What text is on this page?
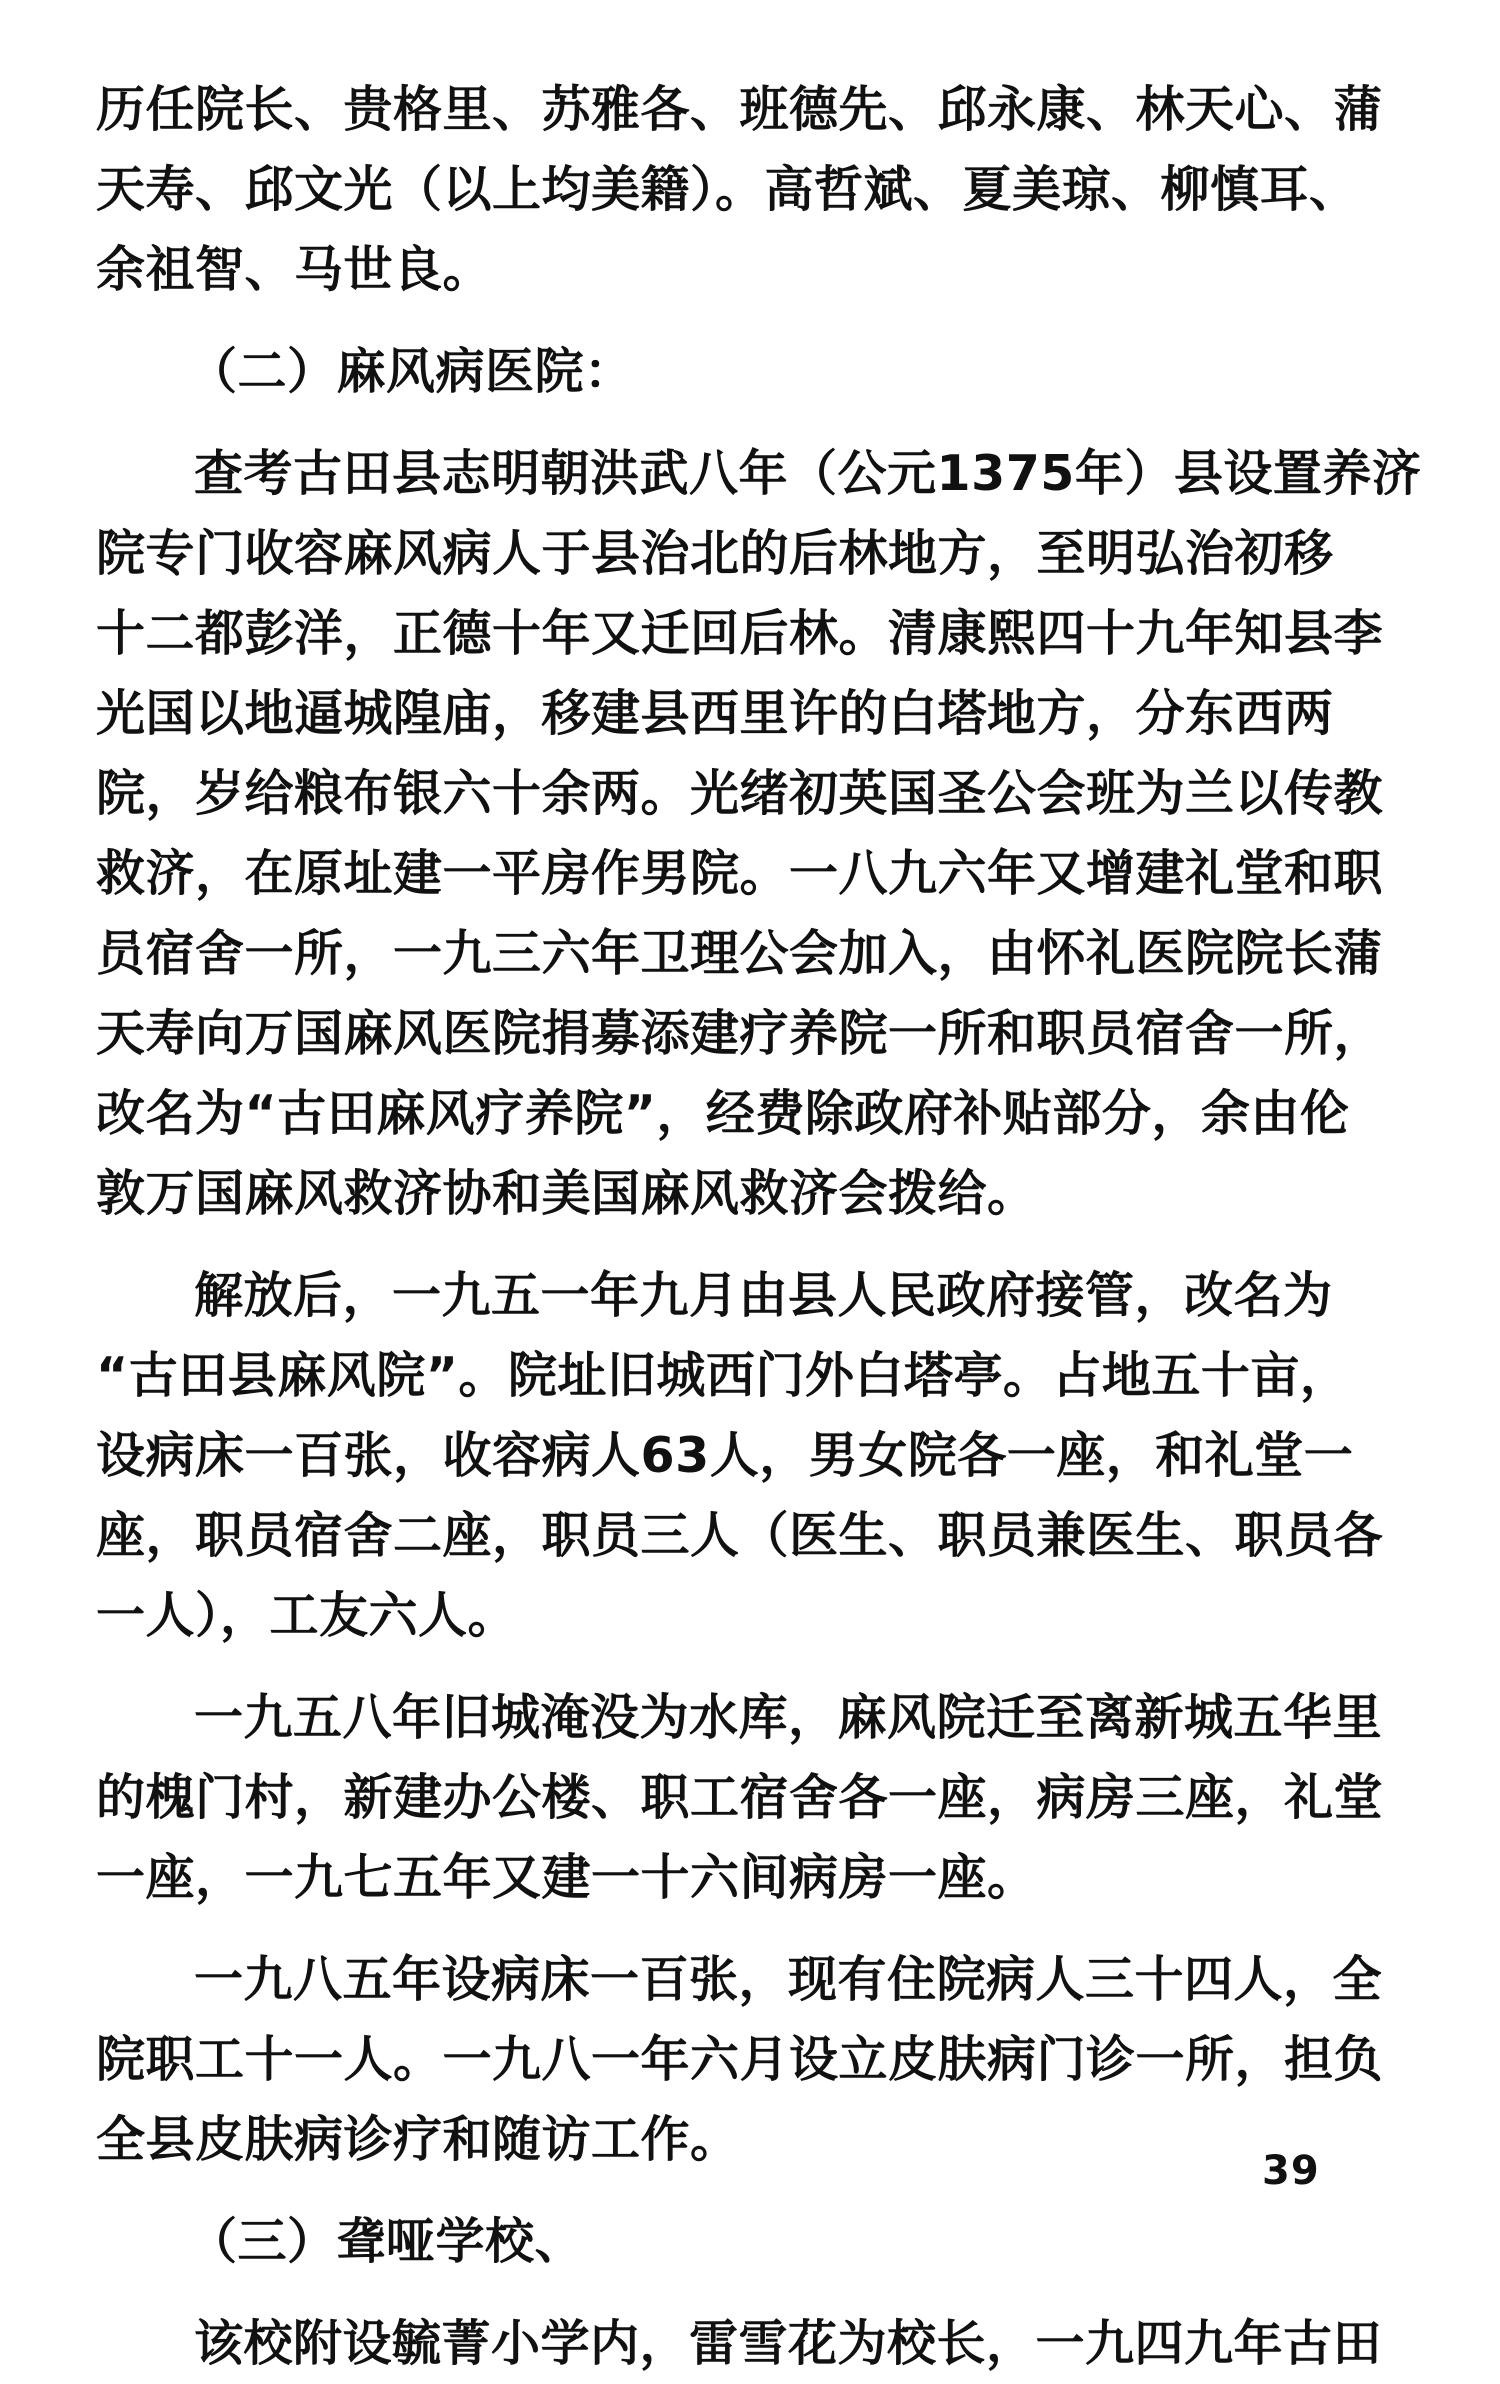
历任院长、贵格里、苏雅各、班德先、邱永康、林天心、蒲
天寿、邱文光（以上均美籍）。高哲斌、夏美琼、柳慎耳、
余祖智、马世良。
（二）麻风病医院：
查考古田县志明朝洪武八年（公元1375年）县设置养济
院专门收容麻风病人于县治北的后林地方，至明弘治初移
十二都彭洋，正德十年又迁回后林。清康熙四十九年知县李
光国以地逼城隍庙，移建县西里许的白塔地方，分东西两
院，岁给粮布银六十余两。光绪初英国圣公会班为兰以传教
救济，在原址建一平房作男院。一八九六年又增建礼堂和职
员宿舍一所，一九三六年卫理公会加入，由怀礼医院院长蒲
天寿向万国麻风医院捐募添建疗养院一所和职员宿舍一所，
改名为“古田麻风疗养院”，经费除政府补贴部分，余由伦
敦万国麻风救济协和美国麻风救济会拨给。
解放后，一九五一年九月由县人民政府接管，改名为
“古田县麻风院”。院址旧城西门外白塔亭。占地五十亩，
设病床一百张，收容病人63人，男女院各一座，和礼堂一
座，职员宿舍二座，职员三人（医生、职员兼医生、职员各
一人），工友六人。
一九五八年旧城淹没为水库，麻风院迁至离新城五华里
的槐门村，新建办公楼、职工宿舍各一座，病房三座，礼堂
一座，一九七五年又建一十六间病房一座。
一九八五年设病床一百张，现有住院病人三十四人，全
院职工十一人。一九八一年六月设立皮肤病门诊一所，担负
全县皮肤病诊疗和随访工作。
（三）聋哑学校、
该校附设毓菁小学内，雷雪花为校长，一九四九年古田
39
